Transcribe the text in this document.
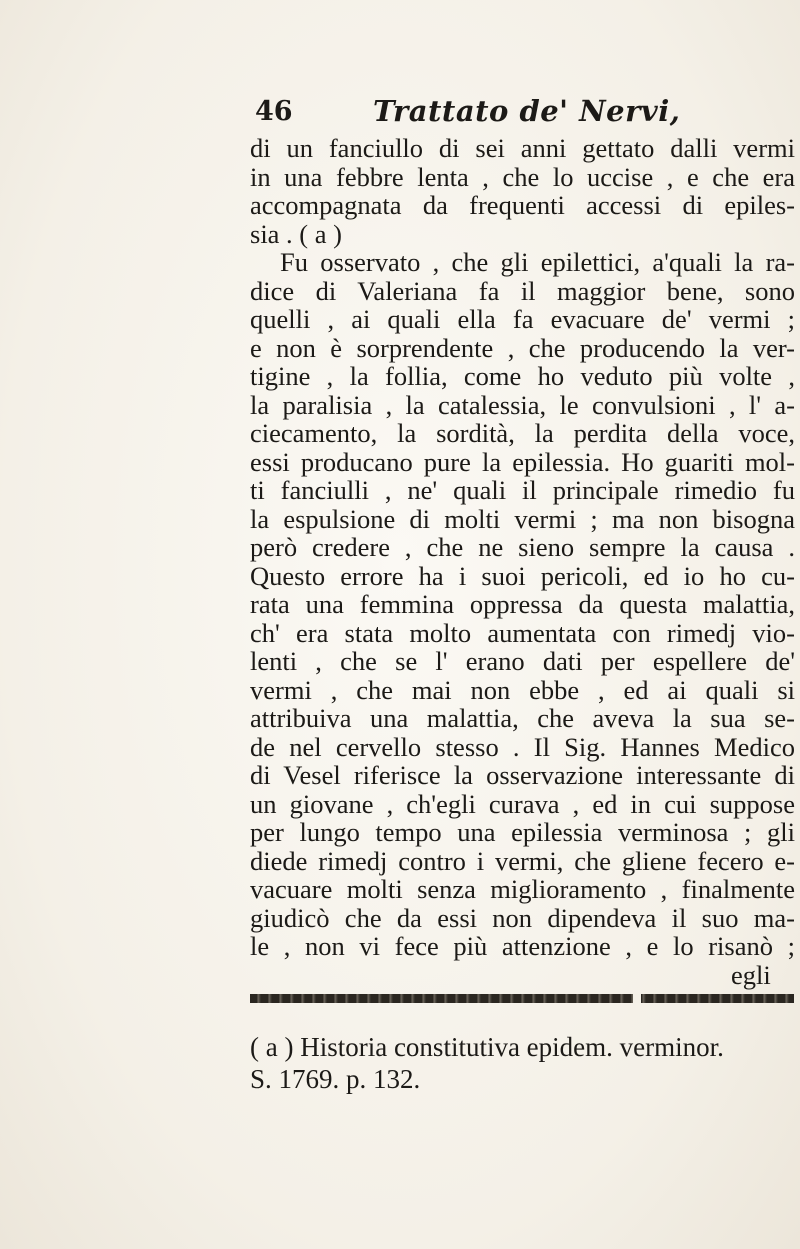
46	Trattato de' Nervi,
di un fanciullo di sei anni gettato dalli vermi
in una febbre lenta , che lo uccise , e che era
accompagnata da frequenti accessi di epiles-
sia . ( a )
Fu osservato , che gli epilettici, a'quali la ra-
dice di Valeriana fa il maggior bene, sono
quelli , ai quali ella fa evacuare de' vermi ;
e non è sorprendente , che producendo la ver-
tigine , la follia, come ho veduto più volte ,
la paralisia , la catalessia, le convulsioni , l' a-
ciecamento, la sordità, la perdita della voce,
essi producano pure la epilessia. Ho guariti mol-
ti fanciulli , ne' quali il principale rimedio fu
la espulsione di molti vermi ; ma non bisogna
però credere , che ne sieno sempre la causa .
Questo errore ha i suoi pericoli, ed io ho cu-
rata una femmina oppressa da questa malattia,
ch' era stata molto aumentata con rimedj vio-
lenti , che se l' erano dati per espellere de'
vermi , che mai non ebbe , ed ai quali si
attribuiva una malattia, che aveva la sua se-
de nel cervello stesso . Il Sig. Hannes Medico
di Vesel riferisce la osservazione interessante di
un giovane , ch'egli curava , ed in cui suppose
per lungo tempo una epilessia verminosa ; gli
diede rimedj contro i vermi, che gliene fecero e-
vacuare molti senza miglioramento , finalmente
giudicò che da essi non dipendeva il suo ma-
le , non vi fece più attenzione , e lo risanò ;
egli
( a ) Historia constitutiva epidem. verminor.
S. 1769. p. 132.
